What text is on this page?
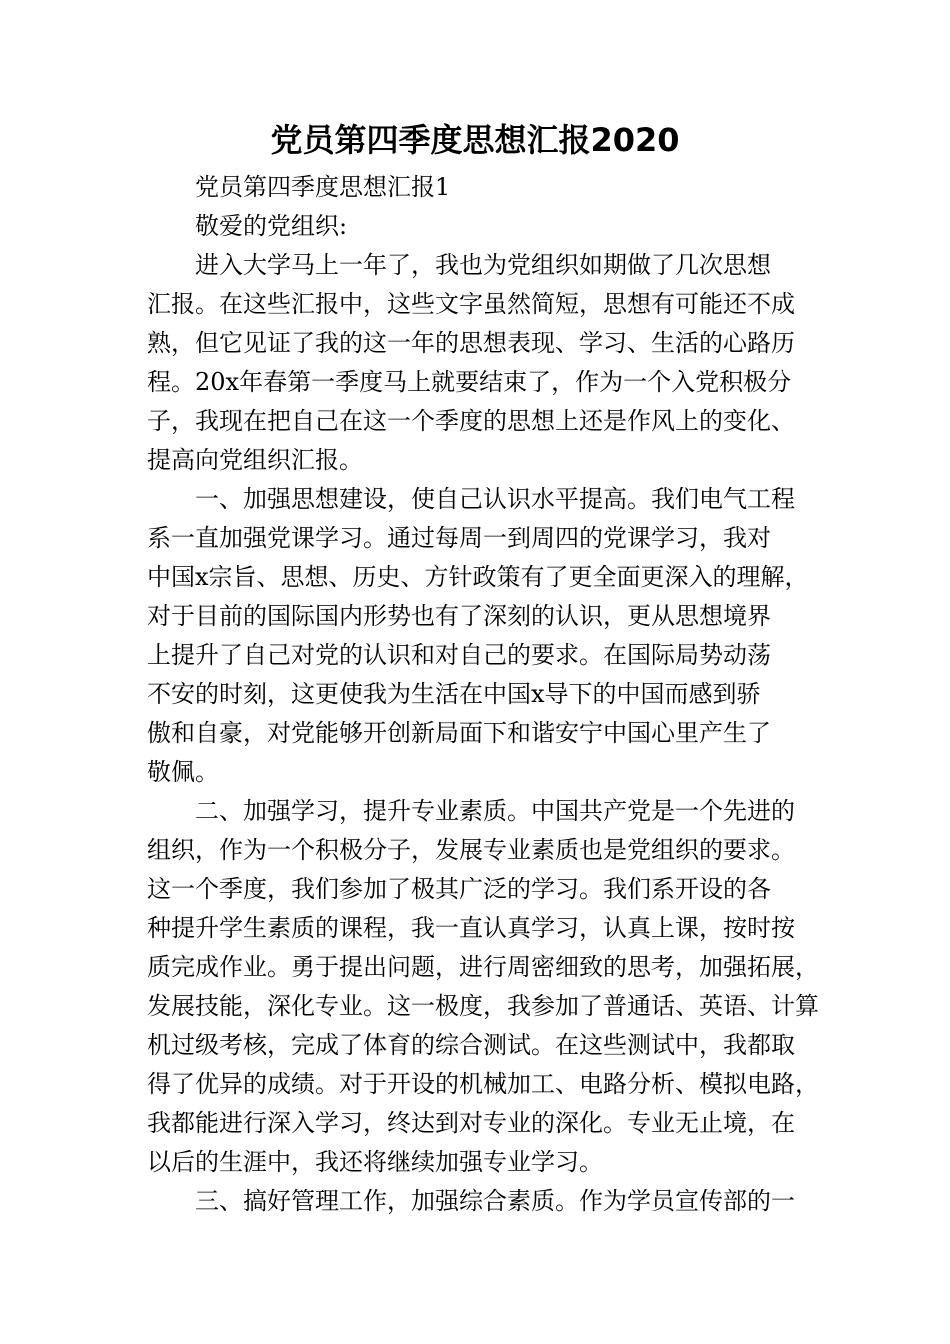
党员第四季度思想汇报2020

党员第四季度思想汇报1

敬爱的党组织:

进入大学马上一年了，我也为党组织如期做了几次思想

汇报。在这些汇报中，这些文字虽然简短，思想有可能还不成

熟，但它见证了我的这一年的思想表现、学习、生活的心路历

程。20x年春第一季度马上就要结束了，作为一个入党积极分

子，我现在把自己在这一个季度的思想上还是作风上的变化、

提高向党组织汇报。

一、加强思想建设，使自己认识水平提高。我们电气工程

系一直加强党课学习。通过每周一到周四的党课学习，我对

中国x宗旨、思想、历史、方针政策有了更全面更深入的理解，

对于目前的国际国内形势也有了深刻的认识，更从思想境界

上提升了自己对党的认识和对自己的要求。在国际局势动荡

不安的时刻，这更使我为生活在中国x导下的中国而感到骄

傲和自豪，对党能够开创新局面下和谐安宁中国心里产生了

敬佩。

二、加强学习，提升专业素质。中国共产党是一个先进的

组织，作为一个积极分子，发展专业素质也是党组织的要求。

这一个季度，我们参加了极其广泛的学习。我们系开设的各

种提升学生素质的课程，我一直认真学习，认真上课，按时按

质完成作业。勇于提出问题，进行周密细致的思考，加强拓展，

发展技能，深化专业。这一极度，我参加了普通话、英语、计算

机过级考核，完成了体育的综合测试。在这些测试中，我都取

得了优异的成绩。对于开设的机械加工、电路分析、模拟电路，

我都能进行深入学习，终达到对专业的深化。专业无止境，在

以后的生涯中，我还将继续加强专业学习。

三、搞好管理工作，加强综合素质。作为学员宣传部的一
